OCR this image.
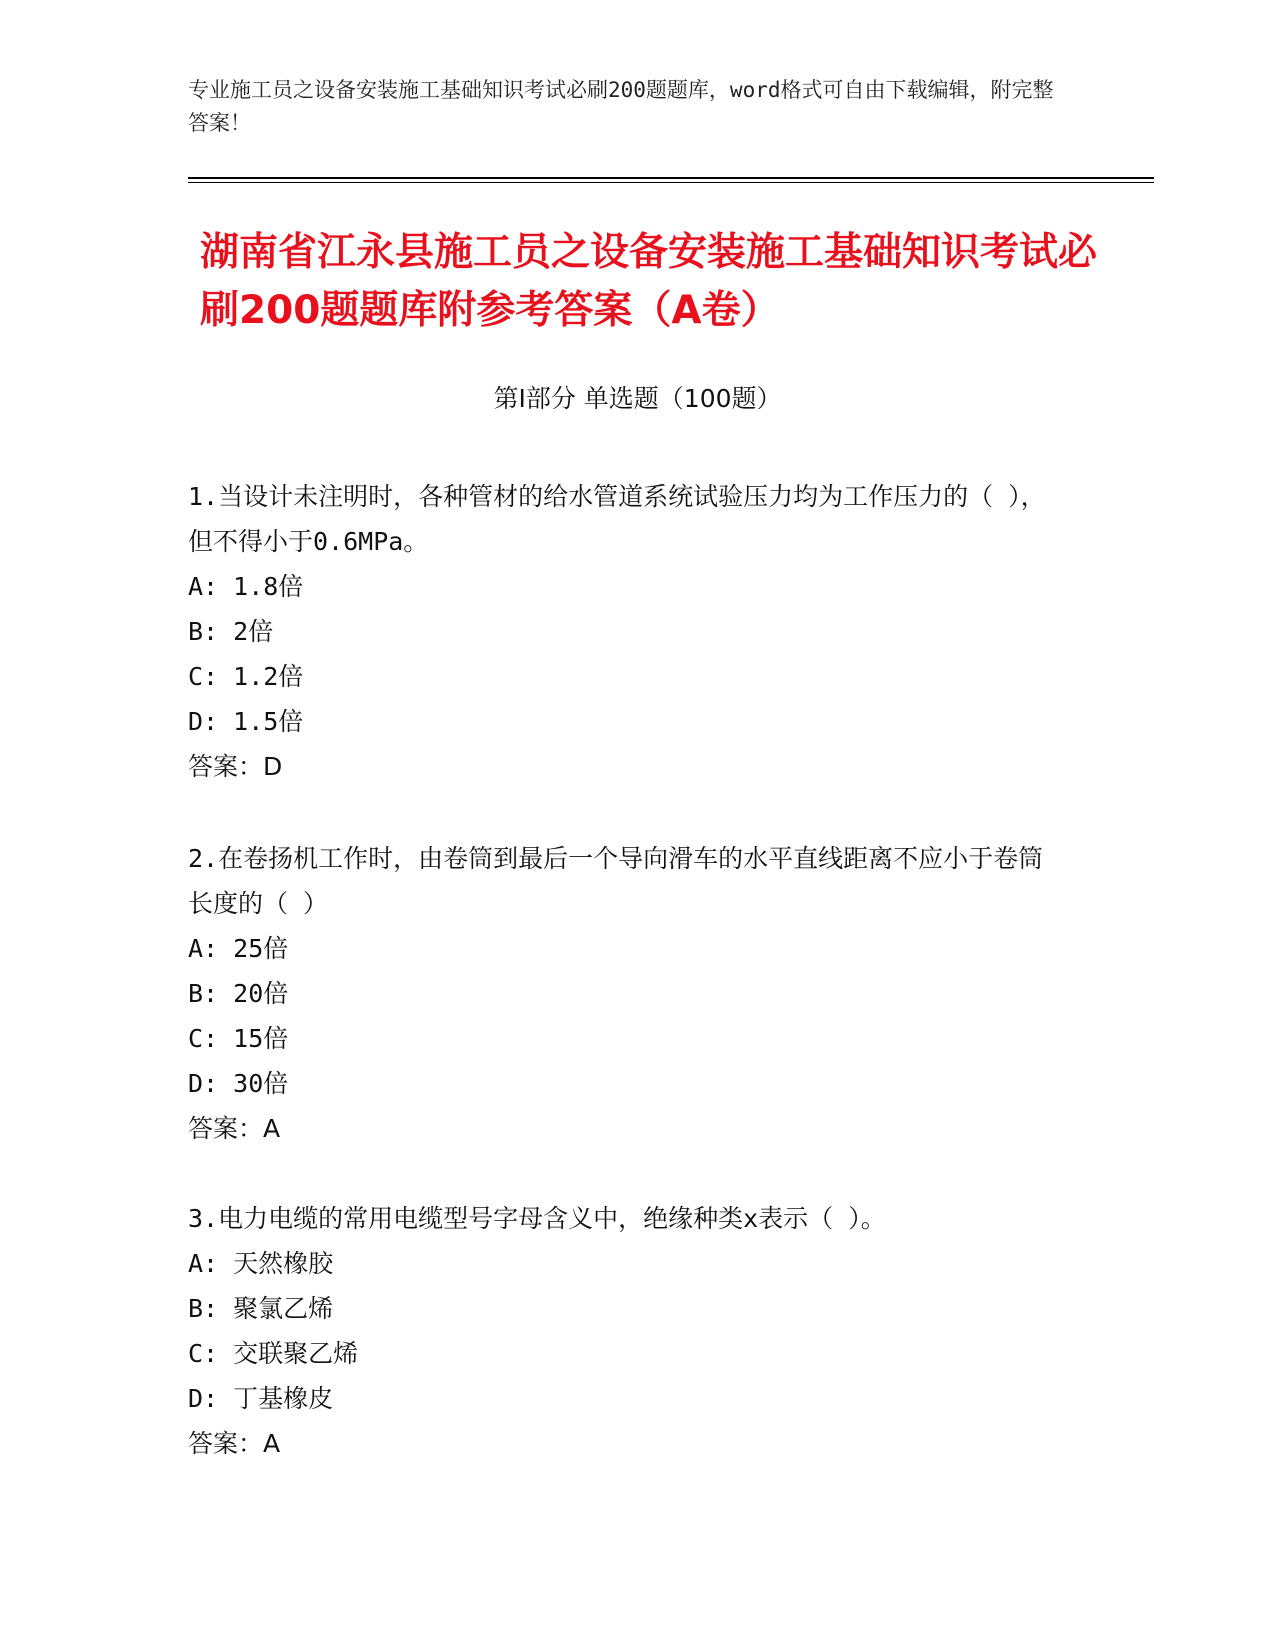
专业施工员之设备安装施工基础知识考试必刷200题题库，word格式可自由下载编辑，附完整答案！
湖南省江永县施工员之设备安装施工基础知识考试必刷200题题库附参考答案（A卷）
第I部分 单选题（100题）
1.当设计未注明时，各种管材的给水管道系统试验压力均为工作压力的（ ），但不得小于0.6MPa。
A: 1.8倍
B: 2倍
C: 1.2倍
D: 1.5倍
答案：D
2.在卷扬机工作时，由卷筒到最后一个导向滑车的水平直线距离不应小于卷筒长度的（ ）
A: 25倍
B: 20倍
C: 15倍
D: 30倍
答案：A
3.电力电缆的常用电缆型号字母含义中，绝缘种类x表示（ ）。
A: 天然橡胶
B: 聚氯乙烯
C: 交联聚乙烯
D: 丁基橡皮
答案：A
